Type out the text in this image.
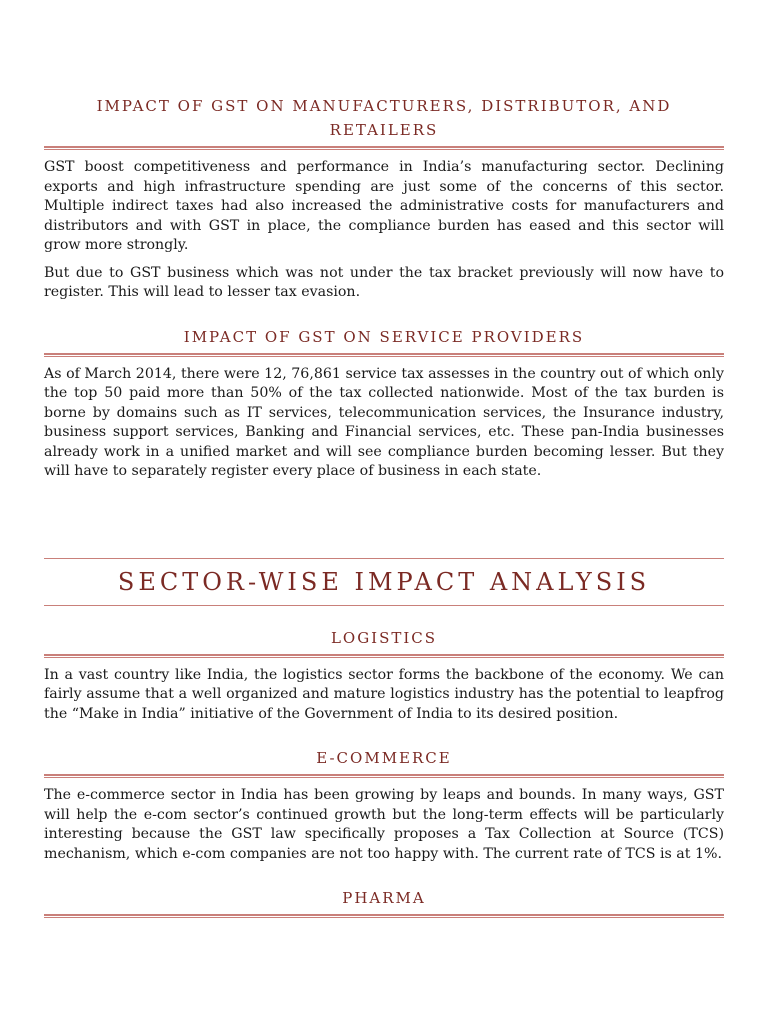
IMPACT OF GST ON MANUFACTURERS, DISTRIBUTOR, AND RETAILERS

GST boost competitiveness and performance in India’s manufacturing sector. Declining exports and high infrastructure spending are just some of the concerns of this sector. Multiple indirect taxes had also increased the administrative costs for manufacturers and distributors and with GST in place, the compliance burden has eased and this sector will grow more strongly.

But due to GST business which was not under the tax bracket previously will now have to register. This will lead to lesser tax evasion.

IMPACT OF GST ON SERVICE PROVIDERS

As of March 2014, there were 12, 76,861 service tax assesses in the country out of which only the top 50 paid more than 50% of the tax collected nationwide. Most of the tax burden is borne by domains such as IT services, telecommunication services, the Insurance industry, business support services, Banking and Financial services, etc. These pan-India businesses already work in a unified market and will see compliance burden becoming lesser. But they will have to separately register every place of business in each state.

SECTOR-WISE IMPACT ANALYSIS
LOGISTICS

In a vast country like India, the logistics sector forms the backbone of the economy. We can fairly assume that a well organized and mature logistics industry has the potential to leapfrog the “Make in India” initiative of the Government of India to its desired position.

E-COMMERCE

The e-commerce sector in India has been growing by leaps and bounds. In many ways, GST will help the e-com sector’s continued growth but the long-term effects will be particularly interesting because the GST law specifically proposes a Tax Collection at Source (TCS) mechanism, which e-com companies are not too happy with. The current rate of TCS is at 1%.

PHARMA
